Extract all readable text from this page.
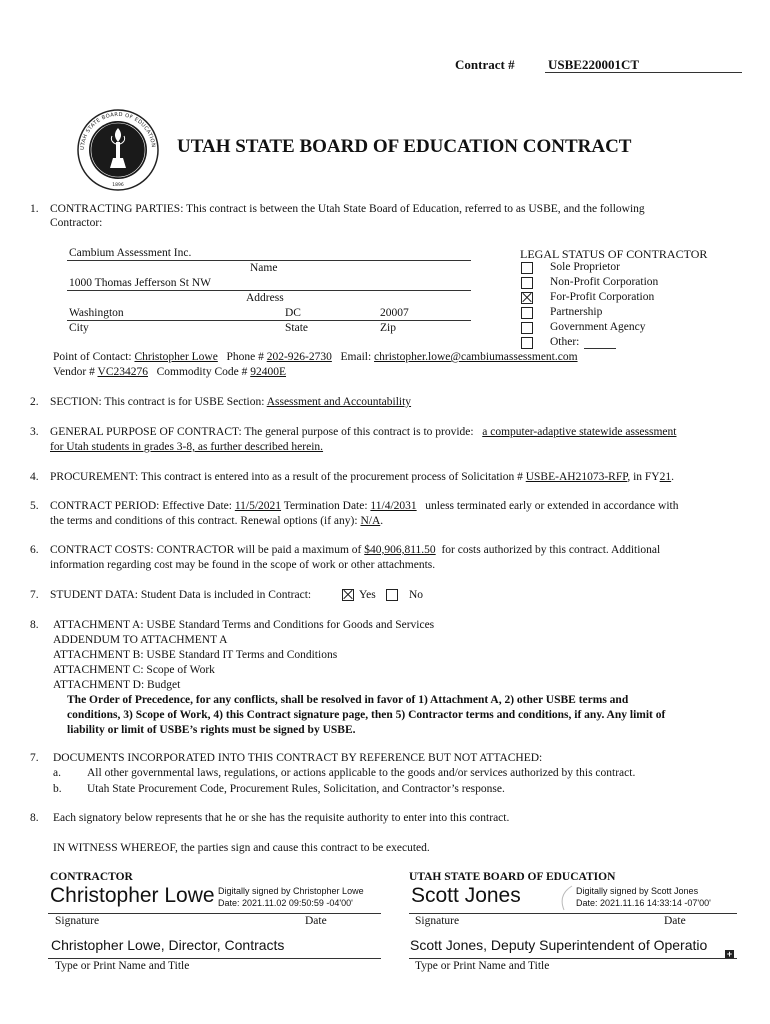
Contract #	USBE220001CT
UTAH STATE BOARD OF EDUCATION
1896
UTAH STATE BOARD OF EDUCATION CONTRACT
1. CONTRACTING PARTIES: This contract is between the Utah State Board of Education, referred to as USBE, and the following
Contractor:
Cambium Assessment Inc.
Name
1000 Thomas Jefferson St NW
Address
Washington	DC	20007
City	State	Zip
LEGAL STATUS OF CONTRACTOR
Sole Proprietor
Non-Profit Corporation
For-Profit Corporation
Partnership
Government Agency
Other:
Point of Contact: Christopher Lowe Phone # 202-926-2730 Email: christopher.lowe@cambiumassessment.com
Vendor # VC234276 Commodity Code # 92400E
2. SECTION: This contract is for USBE Section: Assessment and Accountability
3. GENERAL PURPOSE OF CONTRACT: The general purpose of this contract is to provide: a computer-adaptive statewide assessment
for Utah students in grades 3-8, as further described herein.
4. PROCUREMENT: This contract is entered into as a result of the procurement process of Solicitation # USBE-AH21073-RFP, in FY21.
5. CONTRACT PERIOD: Effective Date: 11/5/2021 Termination Date: 11/4/2031 unless terminated early or extended in accordance with
the terms and conditions of this contract. Renewal options (if any): N/A.
6. CONTRACT COSTS: CONTRACTOR will be paid a maximum of $40,906,811.50 for costs authorized by this contract. Additional
information regarding cost may be found in the scope of work or other attachments.
7. STUDENT DATA: Student Data is included in Contract:	Yes	No
8. ATTACHMENT A: USBE Standard Terms and Conditions for Goods and Services
ADDENDUM TO ATTACHMENT A
ATTACHMENT B: USBE Standard IT Terms and Conditions
ATTACHMENT C: Scope of Work
ATTACHMENT D: Budget
The Order of Precedence, for any conflicts, shall be resolved in favor of 1) Attachment A, 2) other USBE terms and
conditions, 3) Scope of Work, 4) this Contract signature page, then 5) Contractor terms and conditions, if any. Any limit of
liability or limit of USBE’s rights must be signed by USBE.
7. DOCUMENTS INCORPORATED INTO THIS CONTRACT BY REFERENCE BUT NOT ATTACHED:
a. All other governmental laws, regulations, or actions applicable to the goods and/or services authorized by this contract.
b. Utah State Procurement Code, Procurement Rules, Solicitation, and Contractor’s response.
8. Each signatory below represents that he or she has the requisite authority to enter into this contract.
IN WITNESS WHEREOF, the parties sign and cause this contract to be executed.
CONTRACTOR
Christopher Lowe Digitally signed by Christopher Lowe
Date: 2021.11.02 09:50:59 -04'00'
Signature	Date
Christopher Lowe, Director, Contracts
Type or Print Name and Title
UTAH STATE BOARD OF EDUCATION
Scott Jones	Digitally signed by Scott Jones
Date: 2021.11.16 14:33:14 -07'00'
Signature	Date
Scott Jones, Deputy Superintendent of Operatio
+
Type or Print Name and Title
